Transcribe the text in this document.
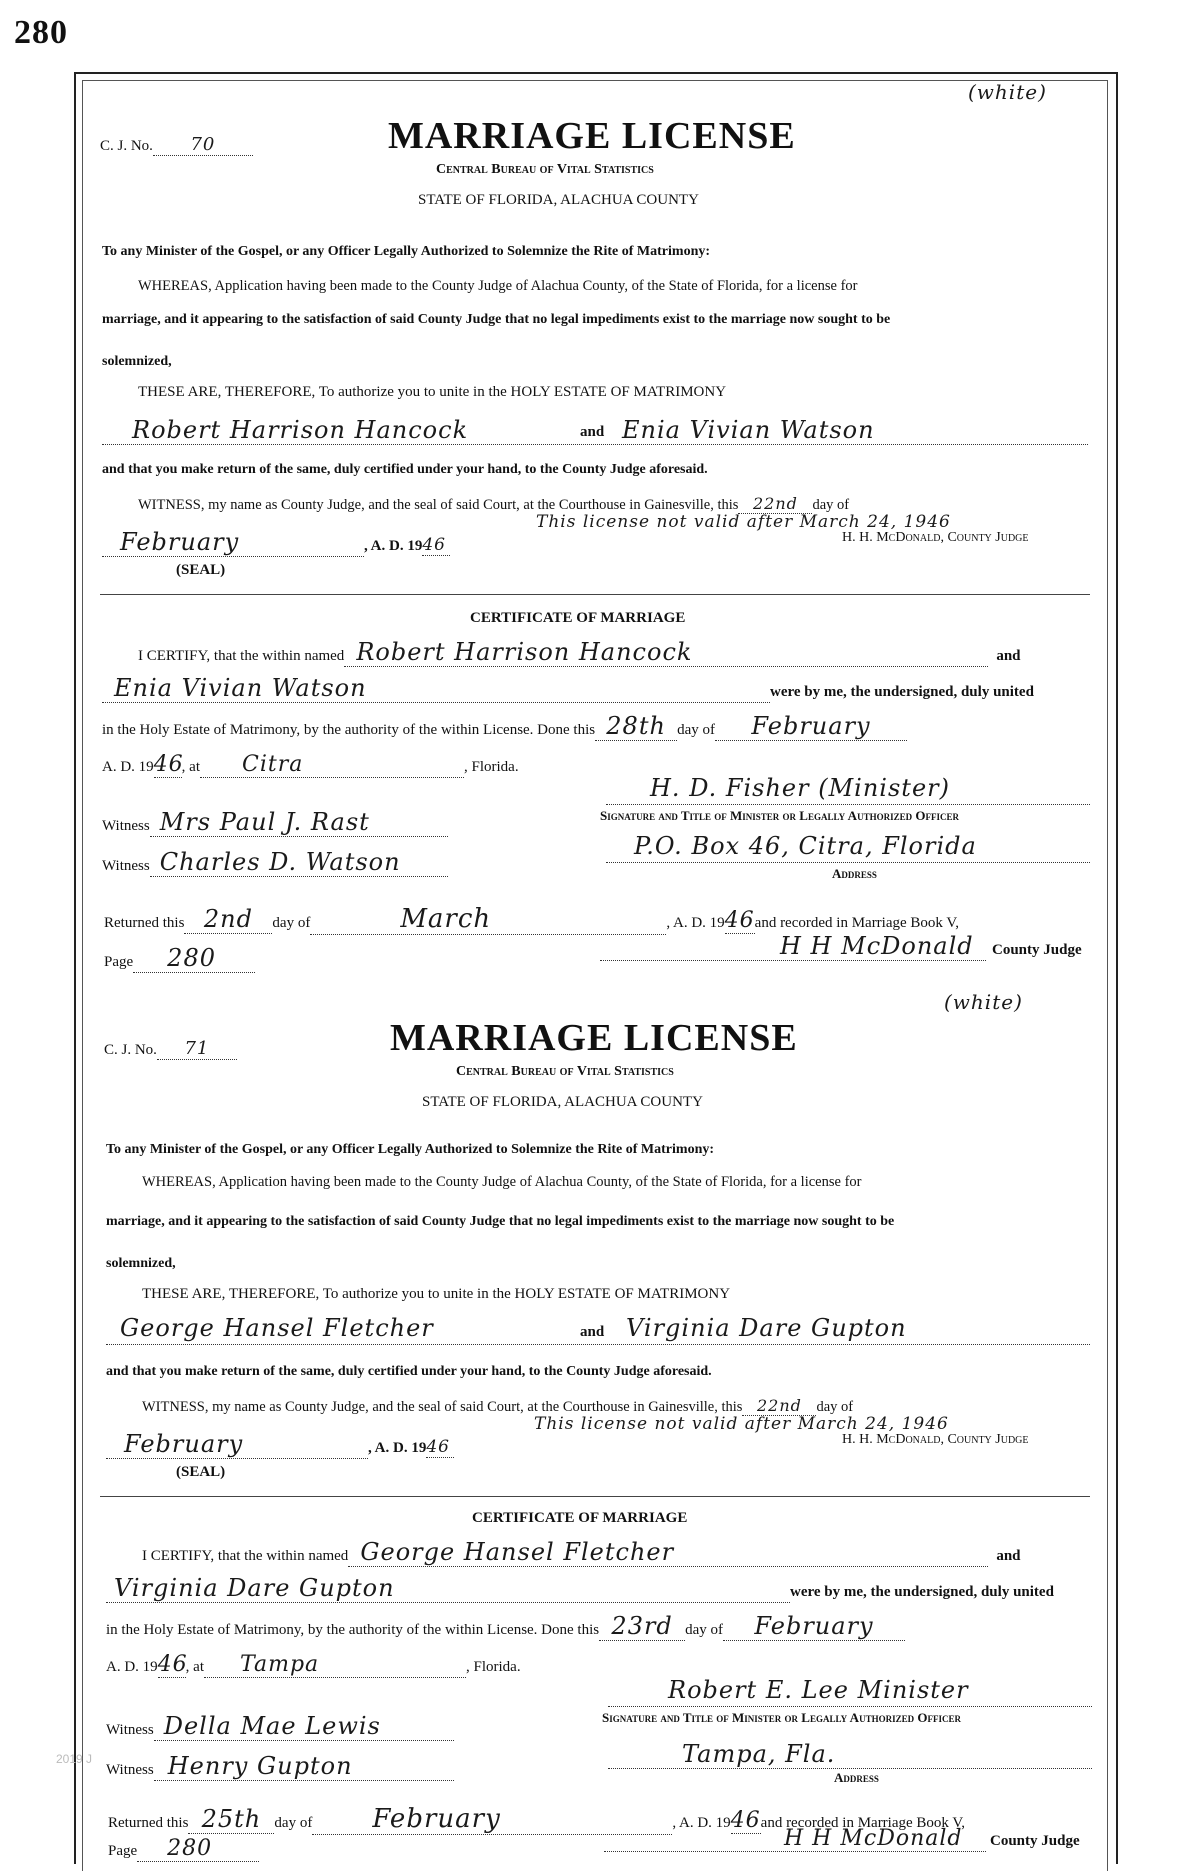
280
(white)
C. J. No. 70	MARRIAGE LICENSE
Central Bureau of Vital Statistics
STATE OF FLORIDA, ALACHUA COUNTY
To any Minister of the Gospel, or any Officer Legally Authorized to Solemnize the Rite of Matrimony:
WHEREAS, Application having been made to the County Judge of Alachua County, of the State of Florida, for a license for
marriage, and it appearing to the satisfaction of said County Judge that no legal impediments exist to the marriage now sought to be
solemnized,
THESE ARE, THEREFORE, To authorize you to unite in the HOLY ESTATE OF MATRIMONY
Robert Harrison Hancock	and Enia Vivian Watson
and that you make return of the same, duly certified under your hand, to the County Judge aforesaid.
WITNESS, my name as County Judge, and the seal of said Court, at the Courthouse in Gainesville, this 22nd day of
This license not valid after March 24, 1946
February	, A. D. 1946	H. H. McDonald, County Judge
(SEAL)
CERTIFICATE OF MARRIAGE
I CERTIFY, that the within named Robert Harrison Hancock	and
Enia Vivian Watson	were by me, the undersigned, duly united
in the Holy Estate of Matrimony, by the authority of the within License. Done this 28th day of February
A. D. 1946, at Citra	, Florida.
H. D. Fisher (Minister)
Witness Mrs Paul J. Rast	Signature and Title of Minister or Legally Authorized Officer
Witness Charles D. Watson
P.O. Box 46, Citra, Florida
Address
Returned this 2nd day of	March	, A. D. 1946and recorded in Marriage Book V,
Page 280	H H McDonald County Judge
(white)
C. J. No. 71	MARRIAGE LICENSE
Central Bureau of Vital Statistics
STATE OF FLORIDA, ALACHUA COUNTY
To any Minister of the Gospel, or any Officer Legally Authorized to Solemnize the Rite of Matrimony:
WHEREAS, Application having been made to the County Judge of Alachua County, of the State of Florida, for a license for
marriage, and it appearing to the satisfaction of said County Judge that no legal impediments exist to the marriage now sought to be
solemnized,
THESE ARE, THEREFORE, To authorize you to unite in the HOLY ESTATE OF MATRIMONY
George Hansel Fletcher	and Virginia Dare Gupton
and that you make return of the same, duly certified under your hand, to the County Judge aforesaid.
WITNESS, my name as County Judge, and the seal of said Court, at the Courthouse in Gainesville, this 22nd day of
This license not valid after March 24, 1946
February	, A. D. 1946	H. H. McDonald, County Judge
(SEAL)
CERTIFICATE OF MARRIAGE
I CERTIFY, that the within named George Hansel Fletcher	and
Virginia Dare Gupton	were by me, the undersigned, duly united
in the Holy Estate of Matrimony, by the authority of the within License. Done this 23rd day of February
A. D. 1946, at Tampa	, Florida.
Robert E. Lee Minister
Witness Della Mae Lewis	Signature and Title of Minister or Legally Authorized Officer
Witness Henry Gupton	Tampa, Fla.
Address
Returned this 25th day of February	, A. D. 1946and recorded in Marriage Book V,
Page 280	H H McDonald County Judge
2019 J
